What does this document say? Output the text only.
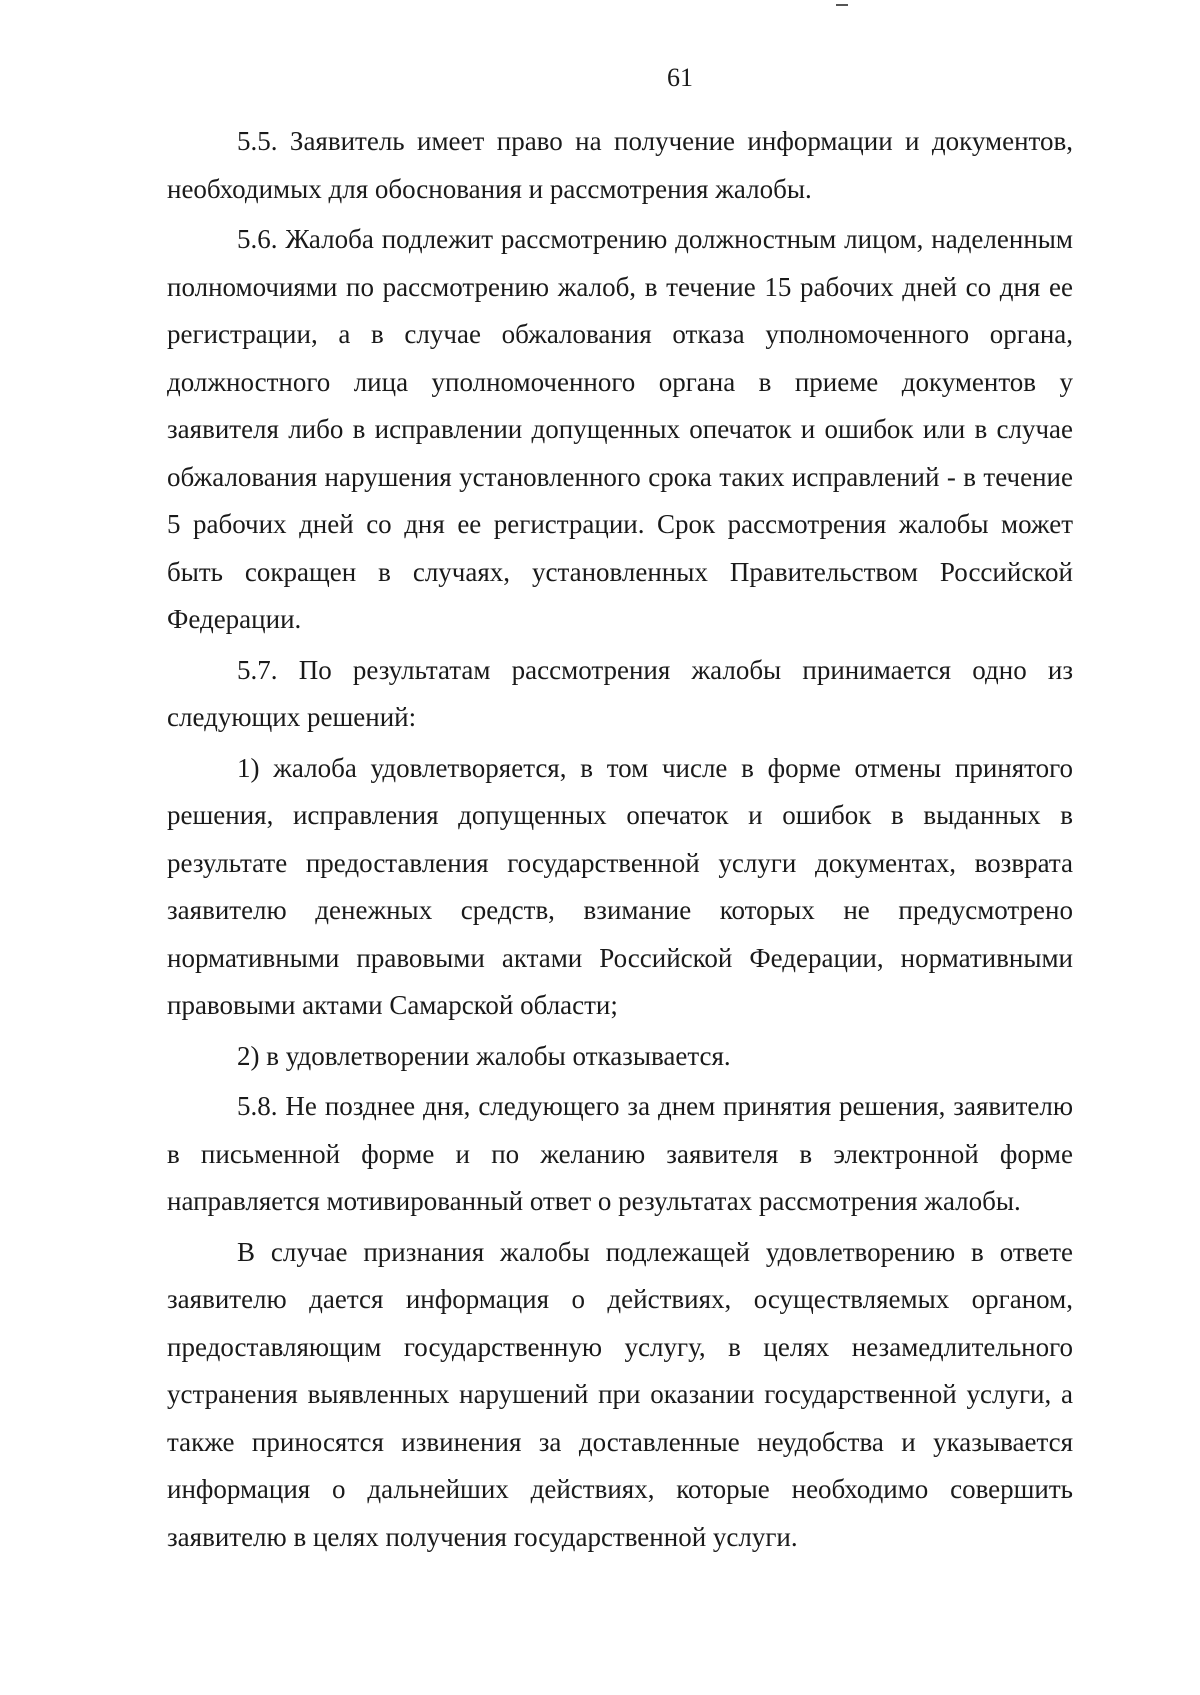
61

5.5. Заявитель имеет право на получение информации и документов, необходимых для обоснования и рассмотрения жалобы.

5.6. Жалоба подлежит рассмотрению должностным лицом, наделенным полномочиями по рассмотрению жалоб, в течение 15 рабочих дней со дня ее регистрации, а в случае обжалования отказа уполномоченного органа, должностного лица уполномоченного органа в приеме документов у заявителя либо в исправлении допущенных опечаток и ошибок или в случае обжалования нарушения установленного срока таких исправлений - в течение 5 рабочих дней со дня ее регистрации. Срок рассмотрения жалобы может быть сокращен в случаях, установленных Правительством Российской Федерации.

5.7. По результатам рассмотрения жалобы принимается одно из следующих решений:

1) жалоба удовлетворяется, в том числе в форме отмены принятого решения, исправления допущенных опечаток и ошибок в выданных в результате предоставления государственной услуги документах, возврата заявителю денежных средств, взимание которых не предусмотрено нормативными правовыми актами Российской Федерации, нормативными правовыми актами Самарской области;

2) в удовлетворении жалобы отказывается.

5.8. Не позднее дня, следующего за днем принятия решения, заявителю в письменной форме и по желанию заявителя в электронной форме направляется мотивированный ответ о результатах рассмотрения жалобы.

В случае признания жалобы подлежащей удовлетворению в ответе заявителю дается информация о действиях, осуществляемых органом, предоставляющим государственную услугу, в целях незамедлительного устранения выявленных нарушений при оказании государственной услуги, а также приносятся извинения за доставленные неудобства и указывается информация о дальнейших действиях, которые необходимо совершить заявителю в целях получения государственной услуги.
